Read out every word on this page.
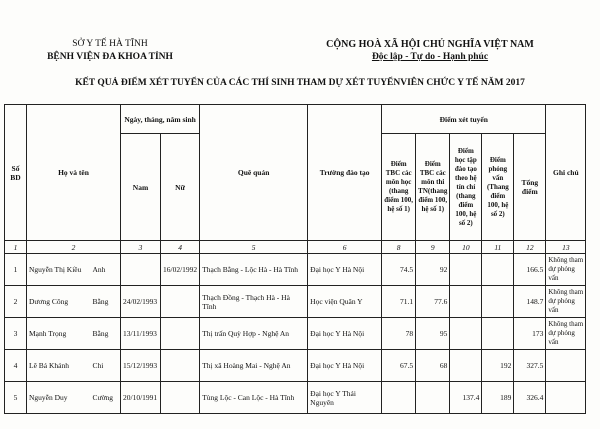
SỞ Y TẾ HÀ TĨNH
BỆNH VIỆN ĐA KHOA TỈNH
CỘNG HOÀ XÃ HỘI CHỦ NGHĨA VIỆT NAM
Độc lập - Tự do - Hạnh phúc
KẾT QUẢ ĐIỂM XÉT TUYỂN CỦA CÁC THÍ SINH THAM DỰ XÉT TUYỂNVIÊN CHỨC Y TẾ NĂM 2017
Số BD	Họ và tên		Ngày, tháng, năm sinh		Quê quán	Trường đào tạo	Điểm xét tuyển					Ghi chú
			Nam	Nữ			Điểm TBC các môn học (thang điểm 100, hệ số 1)	Điểm TBC các môn thi TN(thang điểm 100, hệ số 1)	Điểm học tập đào tạo theo hệ tín chỉ (thang điểm 100, hệ số 2)	Điểm phỏng vấn (Thang điểm 100, hệ số 2)	Tổng điểm	

1	2		3	4	5	6	8	9	10	11	12	13
1	Nguyễn Thị Kiều	Anh		16/02/1992	Thạch Bằng - Lộc Hà - Hà Tĩnh	Đại học Y Hà Nội	74.5	92			166.5	Không tham dự phỏng vấn
2	Dương Công	Bằng	24/02/1993		Thạch Đồng - Thạch Hà - Hà Tĩnh	Học viện Quân Y	71.1	77.6			148.7	Không tham dự phỏng vấn
3	Mạnh Trọng	Bằng	13/11/1993		Thị trấn Quỳ Hợp - Nghệ An	Đại học Y Hà Nội	78	95			173	Không tham dự phỏng vấn
4	Lê Bá Khánh	Chi	15/12/1993		Thị xã Hoàng Mai - Nghệ An	Đại học Y Hà Nội	67.5	68		192	327.5	
5	Nguyễn Duy	Cường	20/10/1991		Tùng Lộc - Can Lộc - Hà Tĩnh	Đại học Y Thái Nguyên			137.4	189	326.4	
